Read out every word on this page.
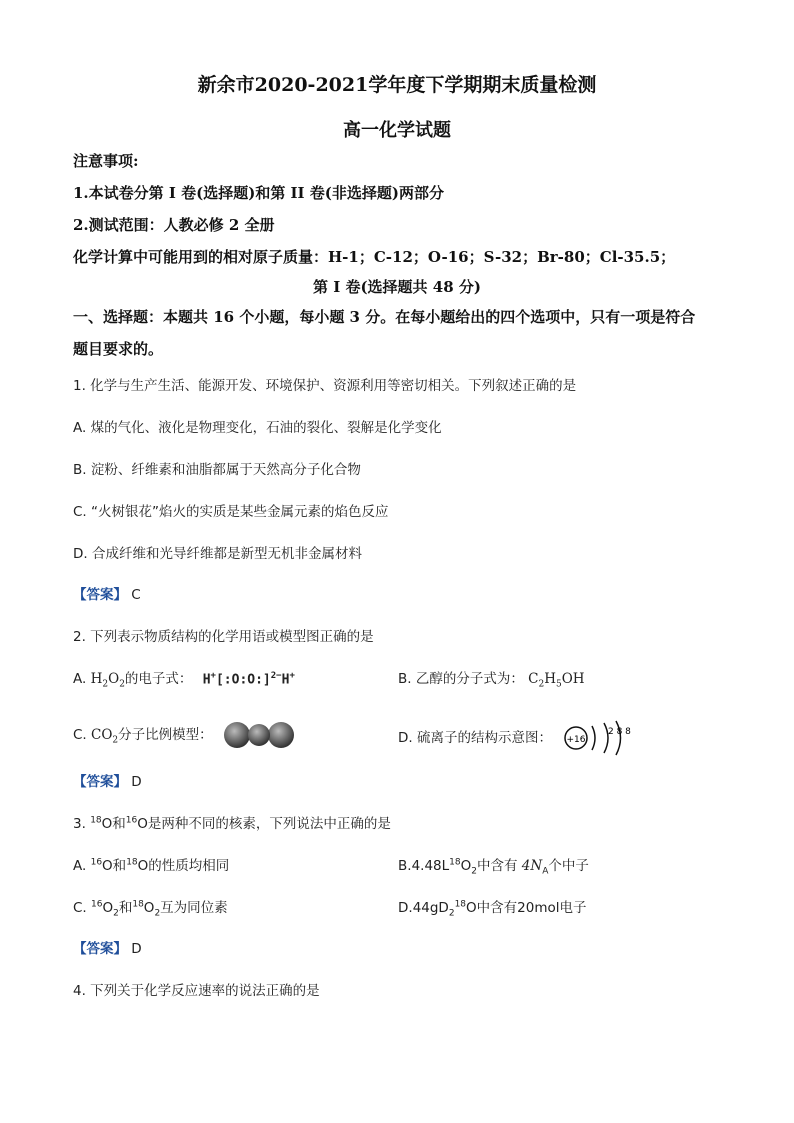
新余市2020-2021学年度下学期期末质量检测
高一化学试题
注意事项:
1.本试卷分第 I 卷(选择题)和第 II 卷(非选择题)两部分
2.测试范围：人教必修 2 全册
化学计算中可能用到的相对原子质量：H-1；C-12；O-16；S-32；Br-80；Cl-35.5；
第 I 卷(选择题共 48 分)
一、选择题：本题共 16 个小题，每小题 3 分。在每小题给出的四个选项中，只有一项是符合
题目要求的。
1. 化学与生产生活、能源开发、环境保护、资源利用等密切相关。下列叙述正确的是
A. 煤的气化、液化是物理变化，石油的裂化、裂解是化学变化
B. 淀粉、纤维素和油脂都属于天然高分子化合物
C. “火树银花”焰火的实质是某些金属元素的焰色反应
D. 合成纤维和光导纤维都是新型无机非金属材料
【答案】 C
2. 下列表示物质结构的化学用语或模型图正确的是
A. $H_2O_2$的电子式： H+[:O:O:]$^{2-}$H+	B. 乙醇的分子式为： $C_2H_5OH$
C. $CO_2$分子比例模型：	D. 硫离子的结构示意图： +16
2 8 8
【答案】 D
3. $^{18}$O和$^{16}$O是两种不同的核素，下列说法中正确的是
A. $^{16}$O和$^{18}$O的性质均相同	$B.4.48L^{18}O_2$中含有 $4N_A$个中子
C. $^{16}O_2$和$^{18}O_2$互为同位素	$D.44gD_2^{18}O$中含有20mol电子
【答案】 D
4. 下列关于化学反应速率的说法正确的是
